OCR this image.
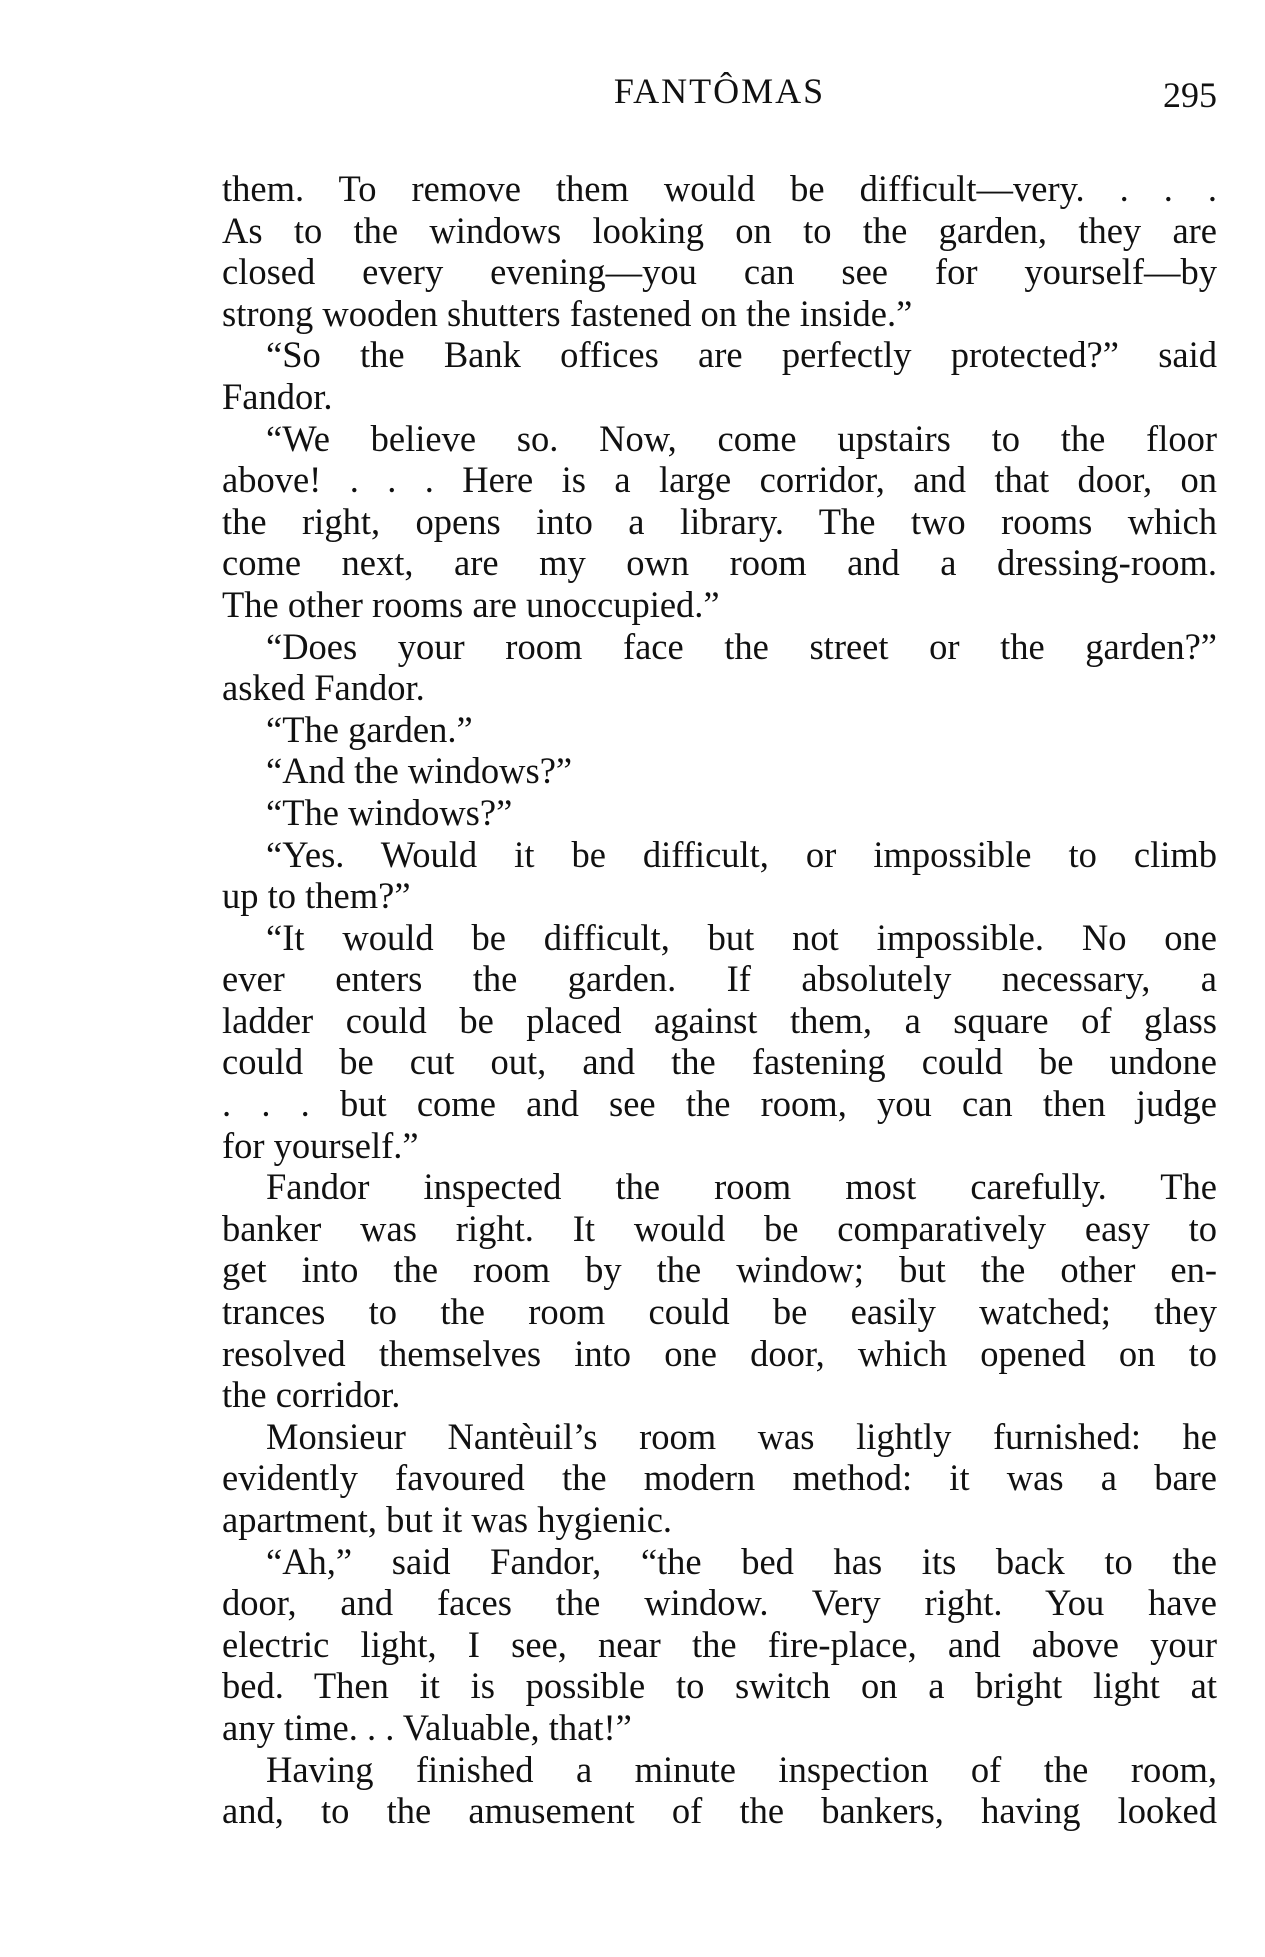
FANTÔMAS	295
them. To remove them would be difficult—very. . . .
As to the windows looking on to the garden, they are
closed every evening—you can see for yourself—by
strong wooden shutters fastened on the inside.”
“So the Bank offices are perfectly protected?” said
Fandor.
“We believe so. Now, come upstairs to the floor
above! . . . Here is a large corridor, and that door, on
the right, opens into a library. The two rooms which
come next, are my own room and a dressing-room.
The other rooms are unoccupied.”
“Does your room face the street or the garden?”
asked Fandor.
“The garden.”
“And the windows?”
“The windows?”
“Yes. Would it be difficult, or impossible to climb
up to them?”
“It would be difficult, but not impossible. No one
ever enters the garden. If absolutely necessary, a
ladder could be placed against them, a square of glass
could be cut out, and the fastening could be undone
. . . but come and see the room, you can then judge
for yourself.”
Fandor inspected the room most carefully. The
banker was right. It would be comparatively easy to
get into the room by the window; but the other en-
trances to the room could be easily watched; they
resolved themselves into one door, which opened on to
the corridor.
Monsieur Nantèuil’s room was lightly furnished: he
evidently favoured the modern method: it was a bare
apartment, but it was hygienic.
“Ah,” said Fandor, “the bed has its back to the
door, and faces the window. Very right. You have
electric light, I see, near the fire-place, and above your
bed. Then it is possible to switch on a bright light at
any time. . . Valuable, that!”
Having finished a minute inspection of the room,
and, to the amusement of the bankers, having looked
